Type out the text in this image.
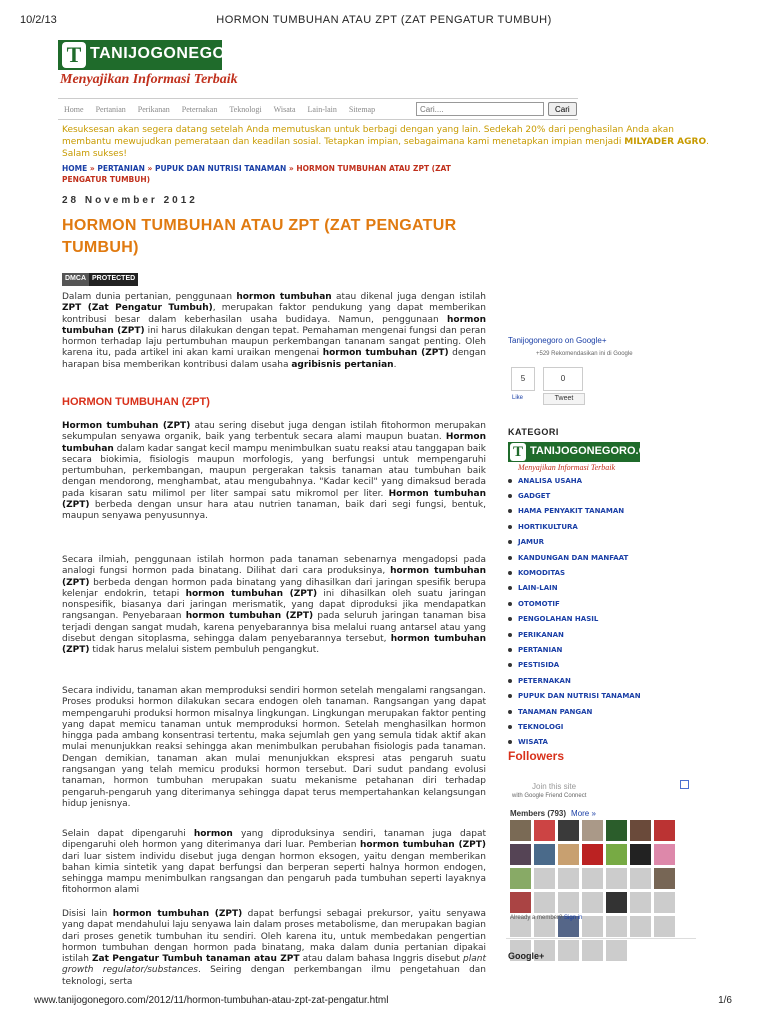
10/2/13	HORMON TUMBUHAN ATAU ZPT (ZAT PENGATUR TUMBUH)
T TANIJOGONEGORO
Menyajikan Informasi Terbaik
Home	Pertanian	Perikanan	Peternakan	Teknologi	Wisata	Lain-lain	Sitemap
Cari....	Cari
Kesuksesan akan segera datang setelah Anda memutuskan untuk berbagi dengan yang lain. Sedekah 20% dari penghasilan Anda akan membantu mewujudkan pemerataan dan keadilan sosial. Tetapkan impian, sebagaimana kami menetapkan impian menjadi MILYADER AGRO. Salam sukses!
HOME » PERTANIAN » PUPUK DAN NUTRISI TANAMAN » HORMON TUMBUHAN ATAU ZPT (ZAT PENGATUR TUMBUH)
28 November 2012
HORMON TUMBUHAN ATAU ZPT (ZAT PENGATUR TUMBUH)
DMCA PROTECTED
Dalam dunia pertanian, penggunaan hormon tumbuhan atau dikenal juga dengan istilah ZPT (Zat Pengatur Tumbuh), merupakan faktor pendukung yang dapat memberikan kontribusi besar dalam keberhasilan usaha budidaya. Namun, penggunaan hormon tumbuhan (ZPT) ini harus dilakukan dengan tepat. Pemahaman mengenai fungsi dan peran hormon terhadap laju pertumbuhan maupun perkembangan tananam sangat penting. Oleh karena itu, pada artikel ini akan kami uraikan mengenai hormon tumbuhan (ZPT) dengan harapan bisa memberikan kontribusi dalam usaha agribisnis pertanian.
HORMON TUMBUHAN (ZPT)
Hormon tumbuhan (ZPT) atau sering disebut juga dengan istilah fitohormon merupakan sekumpulan senyawa organik, baik yang terbentuk secara alami maupun buatan. Hormon tumbuhan dalam kadar sangat kecil mampu menimbulkan suatu reaksi atau tanggapan baik secara biokimia, fisiologis maupun morfologis, yang berfungsi untuk mempengaruhi pertumbuhan, perkembangan, maupun pergerakan taksis tanaman atau tumbuhan baik dengan mendorong, menghambat, atau mengubahnya. "Kadar kecil" yang dimaksud berada pada kisaran satu milimol per liter sampai satu mikromol per liter. Hormon tumbuhan (ZPT) berbeda dengan unsur hara atau nutrien tanaman, baik dari segi fungsi, bentuk, maupun senyawa penyusunnya.
Secara ilmiah, penggunaan istilah hormon pada tanaman sebenarnya mengadopsi pada analogi fungsi hormon pada binatang. Dilihat dari cara produksinya, hormon tumbuhan (ZPT) berbeda dengan hormon pada binatang yang dihasilkan dari jaringan spesifik berupa kelenjar endokrin, tetapi hormon tumbuhan (ZPT) ini dihasilkan oleh suatu jaringan nonspesifik, biasanya dari jaringan merismatik, yang dapat diproduksi jika mendapatkan rangsangan. Penyebaraan hormon tumbuhan (ZPT) pada seluruh jaringan tanaman bisa terjadi dengan sangat mudah, karena penyebarannya bisa melalui ruang antarsel atau yang disebut dengan sitoplasma, sehingga dalam penyebarannya tersebut, hormon tumbuhan (ZPT) tidak harus melalui sistem pembuluh pengangkut.
Secara individu, tanaman akan memproduksi sendiri hormon setelah mengalami rangsangan. Proses produksi hormon dilakukan secara endogen oleh tanaman. Rangsangan yang dapat mempengaruhi produksi hormon misalnya lingkungan. Lingkungan merupakan faktor penting yang dapat memicu tanaman untuk memproduksi hormon. Setelah menghasilkan hormon hingga pada ambang konsentrasi tertentu, maka sejumlah gen yang semula tidak aktif akan mulai menunjukkan reaksi sehingga akan menimbulkan perubahan fisiologis pada tanaman. Dengan demikian, tanaman akan mulai menunjukkan ekspresi atas pengaruh suatu rangsangan yang telah memicu produksi hormon tersebut. Dari sudut pandang evolusi tanaman, hormon tumbuhan merupakan suatu mekanisme petahanan diri terhadap pengaruh-pengaruh yang diterimanya sehingga dapat terus mempertahankan kelangsungan hidup jenisnya.
Selain dapat dipengaruhi hormon yang diproduksinya sendiri, tanaman juga dapat dipengaruhi oleh hormon yang diterimanya dari luar. Pemberian hormon tumbuhan (ZPT) dari luar sistem individu disebut juga dengan hormon eksogen, yaitu dengan memberikan bahan kimia sintetik yang dapat berfungsi dan berperan seperti halnya hormon endogen, sehingga mampu menimbulkan rangsangan dan pengaruh pada tumbuhan seperti layaknya fitohormon alami
Disisi lain hormon tumbuhan (ZPT) dapat berfungsi sebagai prekursor, yaitu senyawa yang dapat mendahului laju senyawa lain dalam proses metabolisme, dan merupakan bagian dari proses genetik tumbuhan itu sendiri. Oleh karena itu, untuk membedakan pengertian hormon tumbuhan dengan hormon pada binatang, maka dalam dunia pertanian dipakai istilah Zat Pengatur Tumbuh tanaman atau ZPT atau dalam bahasa Inggris disebut plant growth regulator/substances. Seiring dengan perkembangan ilmu pengetahuan dan teknologi, serta
Tanijogonegoro on Google+
+529 Rekomendasikan ini di Google
5
Like
0
Tweet
KATEGORI
T TANIJOGONEGORO.COM
Menyajikan Informasi Terbaik
ANALISA USAHA
GADGET
HAMA PENYAKIT TANAMAN
HORTIKULTURA
JAMUR
KANDUNGAN DAN MANFAAT
KOMODITAS
LAIN-LAIN
OTOMOTIF
PENGOLAHAN HASIL
PERIKANAN
PERTANIAN
PESTISIDA
PETERNAKAN
PUPUK DAN NUTRISI TANAMAN
TANAMAN PANGAN
TEKNOLOGI
WISATA
Followers
Join this site
with Google Friend Connect
Members (793) More »
Already a member? Sign in
Google+
www.tanijogonegoro.com/2012/11/hormon-tumbuhan-atau-zpt-zat-pengatur.html	1/6
